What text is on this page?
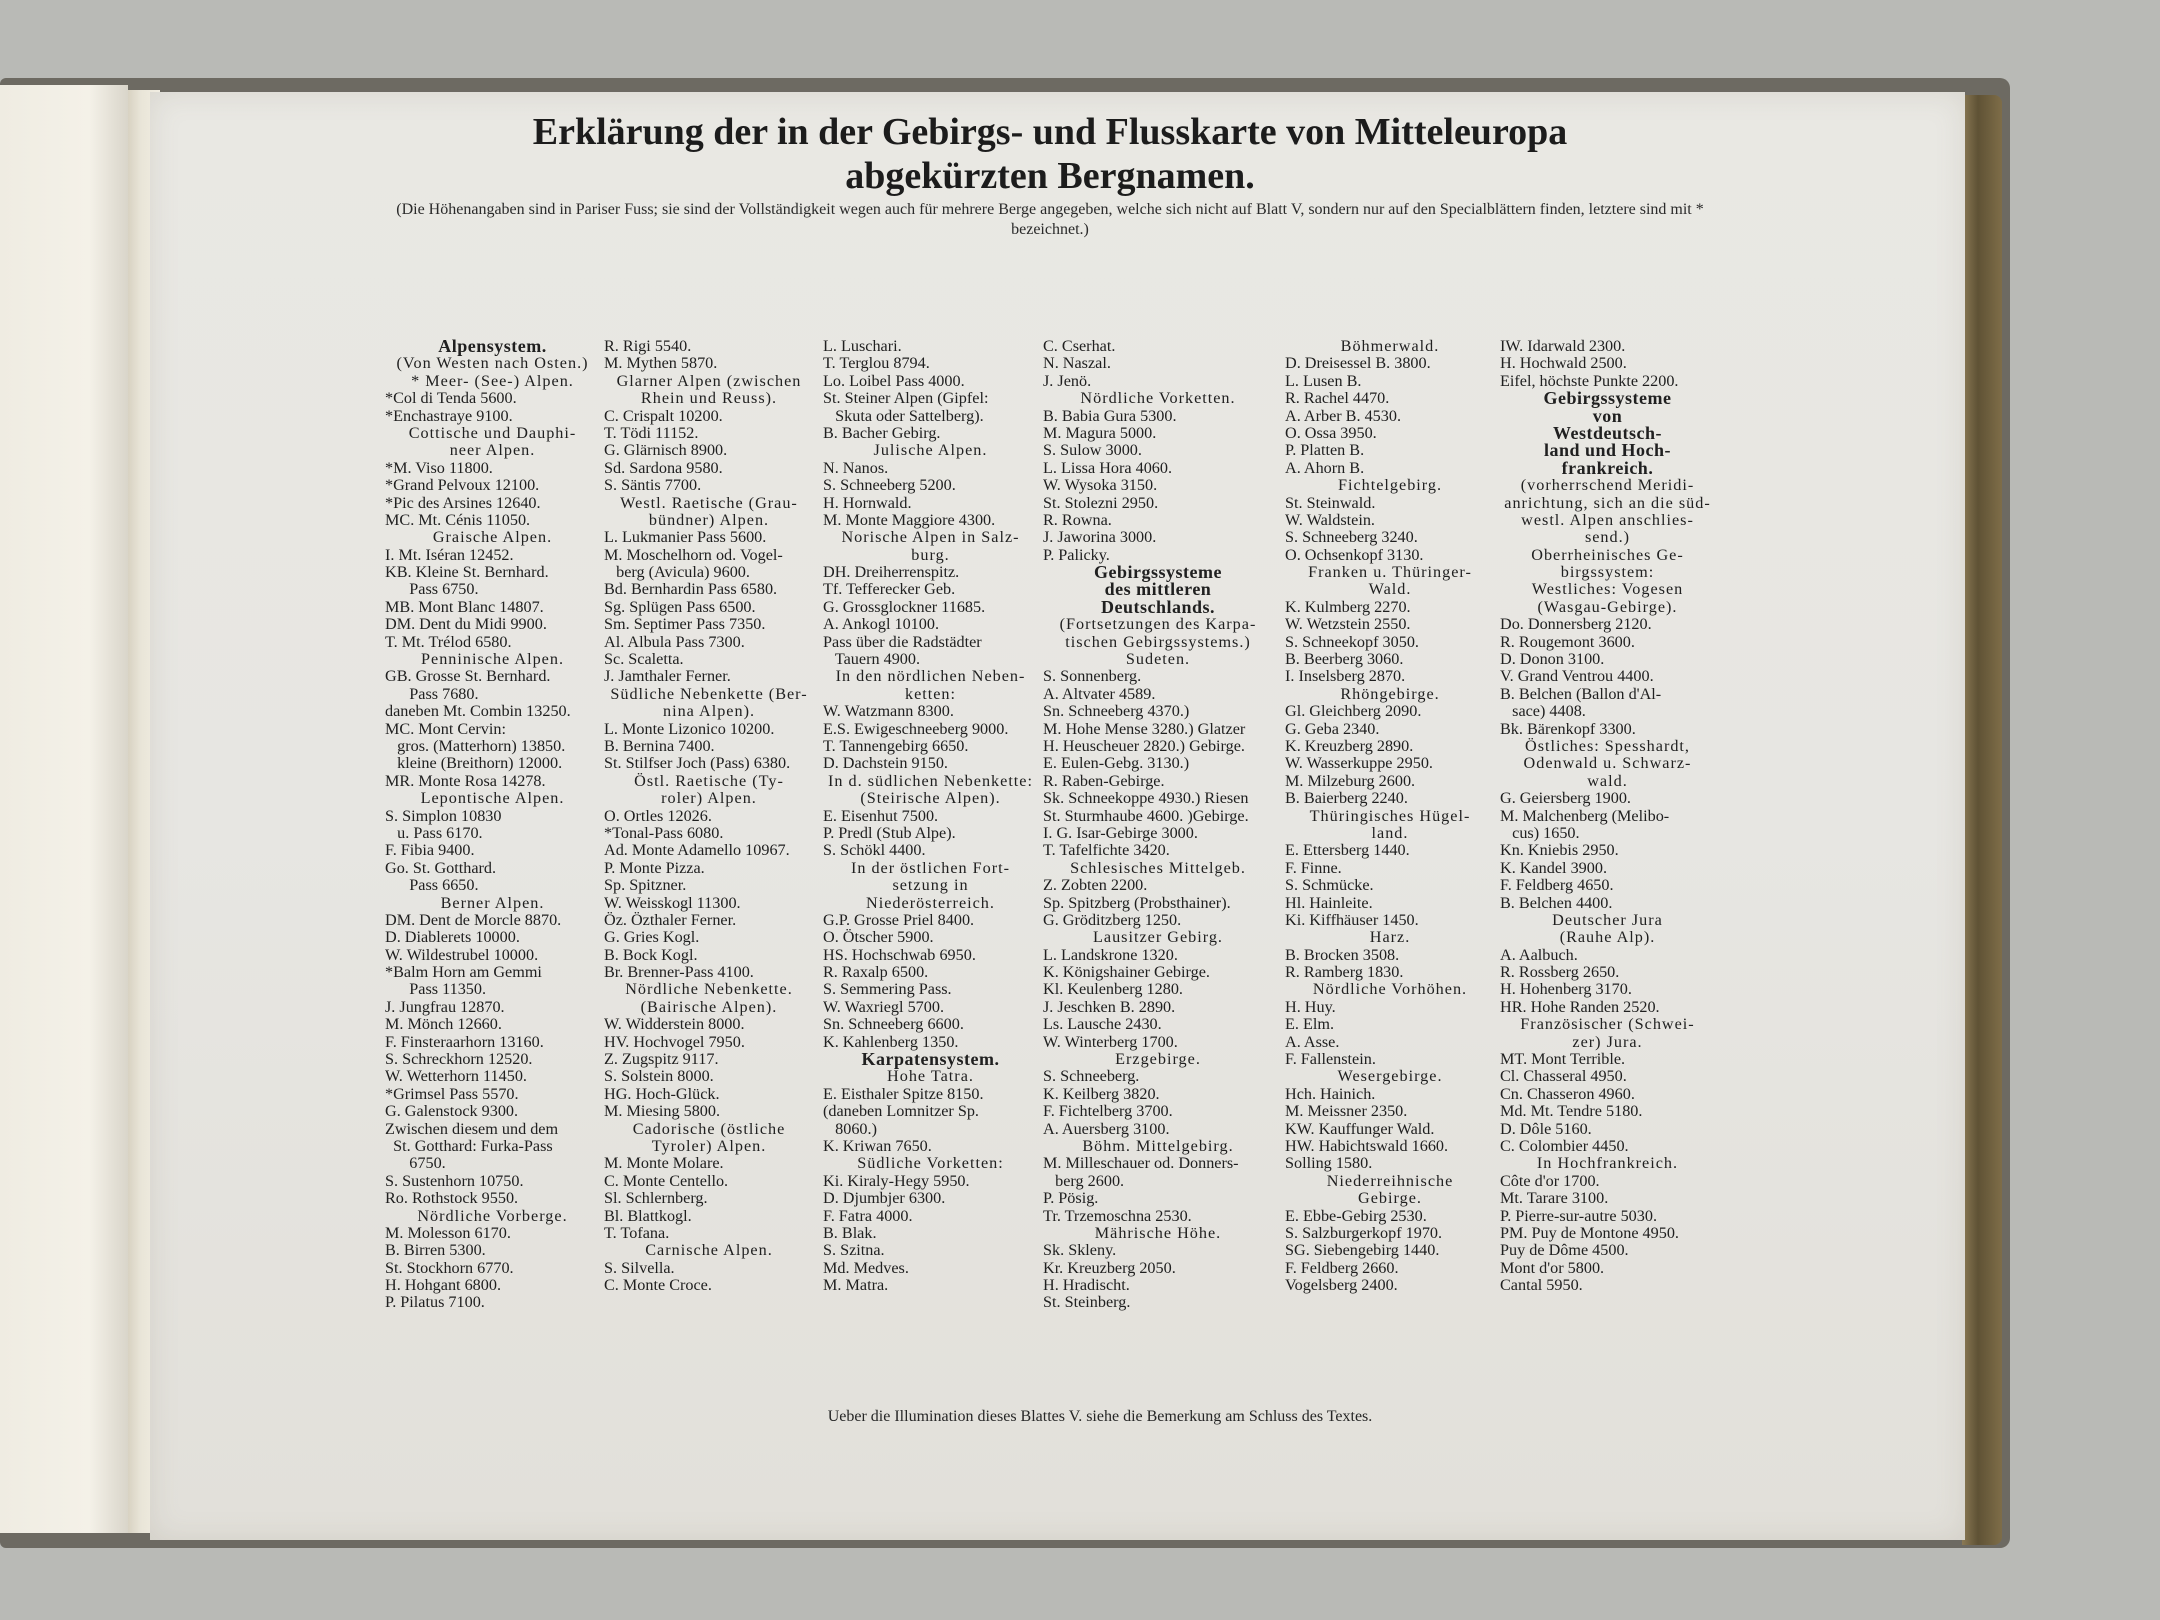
Erklärung der in der Gebirgs- und Flusskarte von Mitteleuropa
abgekürzten Bergnamen.
(Die Höhenangaben sind in Pariser Fuss; sie sind der Vollständigkeit wegen auch für mehrere Berge angegeben, welche sich nicht auf Blatt V, sondern nur auf den Specialblättern finden, letztere sind mit * bezeichnet.)
Alpensystem.
(Von Westen nach Osten.)
* Meer- (See-) Alpen.
*Col di Tenda 5600.
*Enchastraye 9100.
Cottische und Dauphi-
neer Alpen.
*M. Viso 11800.
*Grand Pelvoux 12100.
*Pic des Arsines 12640.
MC. Mt. Cénis 11050.
Graische Alpen.
I. Mt. Iséran 12452.
KB. Kleine St. Bernhard.
Pass 6750.
MB. Mont Blanc 14807.
DM. Dent du Midi 9900.
T. Mt. Trélod 6580.
Penninische Alpen.
GB. Grosse St. Bernhard.
Pass 7680.
daneben Mt. Combin 13250.
MC. Mont Cervin:
gros. (Matterhorn) 13850.
kleine (Breithorn) 12000.
MR. Monte Rosa 14278.
Lepontische Alpen.
S. Simplon 10830
u. Pass 6170.
F. Fibia 9400.
Go. St. Gotthard.
Pass 6650.
Berner Alpen.
DM. Dent de Morcle 8870.
D. Diablerets 10000.
W. Wildestrubel 10000.
*Balm Horn am Gemmi
Pass 11350.
J. Jungfrau 12870.
M. Mönch 12660.
F. Finsteraarhorn 13160.
S. Schreckhorn 12520.
W. Wetterhorn 11450.
*Grimsel Pass 5570.
G. Galenstock 9300.
Zwischen diesem und dem
St. Gotthard: Furka-Pass
6750.
S. Sustenhorn 10750.
Ro. Rothstock 9550.
Nördliche Vorberge.
M. Molesson 6170.
B. Birren 5300.
St. Stockhorn 6770.
H. Hohgant 6800.
P. Pilatus 7100.
R. Rigi 5540.
M. Mythen 5870.
Glarner Alpen (zwischen
Rhein und Reuss).
C. Crispalt 10200.
T. Tödi 11152.
G. Glärnisch 8900.
Sd. Sardona 9580.
S. Säntis 7700.
Westl. Raetische (Grau-
bündner) Alpen.
L. Lukmanier Pass 5600.
M. Moschelhorn od. Vogel-
berg (Avicula) 9600.
Bd. Bernhardin Pass 6580.
Sg. Splügen Pass 6500.
Sm. Septimer Pass 7350.
Al. Albula Pass 7300.
Sc. Scaletta.
J. Jamthaler Ferner.
Südliche Nebenkette (Ber-
nina Alpen).
L. Monte Lizonico 10200.
B. Bernina 7400.
St. Stilfser Joch (Pass) 6380.
Östl. Raetische (Ty-
roler) Alpen.
O. Ortles 12026.
*Tonal-Pass 6080.
Ad. Monte Adamello 10967.
P. Monte Pizza.
Sp. Spitzner.
W. Weisskogl 11300.
Öz. Özthaler Ferner.
G. Gries Kogl.
B. Bock Kogl.
Br. Brenner-Pass 4100.
Nördliche Nebenkette.
(Bairische Alpen).
W. Widderstein 8000.
HV. Hochvogel 7950.
Z. Zugspitz 9117.
S. Solstein 8000.
HG. Hoch-Glück.
M. Miesing 5800.
Cadorische (östliche
Tyroler) Alpen.
M. Monte Molare.
C. Monte Centello.
Sl. Schlernberg.
Bl. Blattkogl.
T. Tofana.
Carnische Alpen.
S. Silvella.
C. Monte Croce.
L. Luschari.
T. Terglou 8794.
Lo. Loibel Pass 4000.
St. Steiner Alpen (Gipfel:
Skuta oder Sattelberg).
B. Bacher Gebirg.
Julische Alpen.
N. Nanos.
S. Schneeberg 5200.
H. Hornwald.
M. Monte Maggiore 4300.
Norische Alpen in Salz-
burg.
DH. Dreiherrenspitz.
Tf. Tefferecker Geb.
G. Grossglockner 11685.
A. Ankogl 10100.
Pass über die Radstädter
Tauern 4900.
In den nördlichen Neben-
ketten:
W. Watzmann 8300.
E.S. Ewigeschneeberg 9000.
T. Tannengebirg 6650.
D. Dachstein 9150.
In d. südlichen Nebenkette:
(Steirische Alpen).
E. Eisenhut 7500.
P. Predl (Stub Alpe).
S. Schökl 4400.
In der östlichen Fort-
setzung in
Niederösterreich.
G.P. Grosse Priel 8400.
O. Ötscher 5900.
HS. Hochschwab 6950.
R. Raxalp 6500.
S. Semmering Pass.
W. Waxriegl 5700.
Sn. Schneeberg 6600.
K. Kahlenberg 1350.
Karpatensystem.
Hohe Tatra.
E. Eisthaler Spitze 8150.
(daneben Lomnitzer Sp.
8060.)
K. Kriwan 7650.
Südliche Vorketten:
Ki. Kiraly-Hegy 5950.
D. Djumbjer 6300.
F. Fatra 4000.
B. Blak.
S. Szitna.
Md. Medves.
M. Matra.
C. Cserhat.
N. Naszal.
J. Jenö.
Nördliche Vorketten.
B. Babia Gura 5300.
M. Magura 5000.
S. Sulow 3000.
L. Lissa Hora 4060.
W. Wysoka 3150.
St. Stolezni 2950.
R. Rowna.
J. Jaworina 3000.
P. Palicky.
Gebirgssysteme
des mittleren
Deutschlands.
(Fortsetzungen des Karpa-
tischen Gebirgssystems.)
Sudeten.
S. Sonnenberg.
A. Altvater 4589.
Sn. Schneeberg 4370.)
M. Hohe Mense 3280.) Glatzer
H. Heuscheuer 2820.) Gebirge.
E. Eulen-Gebg. 3130.)
R. Raben-Gebirge.
Sk. Schneekoppe 4930.) Riesen
St. Sturmhaube 4600. )Gebirge.
I. G. Isar-Gebirge 3000.
T. Tafelfichte 3420.
Schlesisches Mittelgeb.
Z. Zobten 2200.
Sp. Spitzberg (Probsthainer).
G. Gröditzberg 1250.
Lausitzer Gebirg.
L. Landskrone 1320.
K. Königshainer Gebirge.
Kl. Keulenberg 1280.
J. Jeschken B. 2890.
Ls. Lausche 2430.
W. Winterberg 1700.
Erzgebirge.
S. Schneeberg.
K. Keilberg 3820.
F. Fichtelberg 3700.
A. Auersberg 3100.
Böhm. Mittelgebirg.
M. Milleschauer od. Donners-
berg 2600.
P. Pösig.
Tr. Trzemoschna 2530.
Mährische Höhe.
Sk. Skleny.
Kr. Kreuzberg 2050.
H. Hradischt.
St. Steinberg.
Böhmerwald.
D. Dreisessel B. 3800.
L. Lusen B.
R. Rachel 4470.
A. Arber B. 4530.
O. Ossa 3950.
P. Platten B.
A. Ahorn B.
Fichtelgebirg.
St. Steinwald.
W. Waldstein.
S. Schneeberg 3240.
O. Ochsenkopf 3130.
Franken u. Thüringer-
Wald.
K. Kulmberg 2270.
W. Wetzstein 2550.
S. Schneekopf 3050.
B. Beerberg 3060.
I. Inselsberg 2870.
Rhöngebirge.
Gl. Gleichberg 2090.
G. Geba 2340.
K. Kreuzberg 2890.
W. Wasserkuppe 2950.
M. Milzeburg 2600.
B. Baierberg 2240.
Thüringisches Hügel-
land.
E. Ettersberg 1440.
F. Finne.
S. Schmücke.
Hl. Hainleite.
Ki. Kiffhäuser 1450.
Harz.
B. Brocken 3508.
R. Ramberg 1830.
Nördliche Vorhöhen.
H. Huy.
E. Elm.
A. Asse.
F. Fallenstein.
Wesergebirge.
Hch. Hainich.
M. Meissner 2350.
KW. Kauffunger Wald.
HW. Habichtswald 1660.
Solling 1580.
Niederreihnische
Gebirge.
E. Ebbe-Gebirg 2530.
S. Salzburgerkopf 1970.
SG. Siebengebirg 1440.
F. Feldberg 2660.
Vogelsberg 2400.
IW. Idarwald 2300.
H. Hochwald 2500.
Eifel, höchste Punkte 2200.
Gebirgssysteme
von
Westdeutsch-
land und Hoch-
frankreich.
(vorherrschend Meridi-
anrichtung, sich an die süd-
westl. Alpen anschlies-
send.)
Oberrheinisches Ge-
birgssystem:
Westliches: Vogesen
(Wasgau-Gebirge).
Do. Donnersberg 2120.
R. Rougemont 3600.
D. Donon 3100.
V. Grand Ventrou 4400.
B. Belchen (Ballon d'Al-
sace) 4408.
Bk. Bärenkopf 3300.
Östliches: Spesshardt,
Odenwald u. Schwarz-
wald.
G. Geiersberg 1900.
M. Malchenberg (Melibo-
cus) 1650.
Kn. Kniebis 2950.
K. Kandel 3900.
F. Feldberg 4650.
B. Belchen 4400.
Deutscher Jura
(Rauhe Alp).
A. Aalbuch.
R. Rossberg 2650.
H. Hohenberg 3170.
HR. Hohe Randen 2520.
Französischer (Schwei-
zer) Jura.
MT. Mont Terrible.
Cl. Chasseral 4950.
Cn. Chasseron 4960.
Md. Mt. Tendre 5180.
D. Dôle 5160.
C. Colombier 4450.
In Hochfrankreich.
Côte d'or 1700.
Mt. Tarare 3100.
P. Pierre-sur-autre 5030.
PM. Puy de Montone 4950.
Puy de Dôme 4500.
Mont d'or 5800.
Cantal 5950.
Ueber die Illumination dieses Blattes V. siehe die Bemerkung am Schluss des Textes.
